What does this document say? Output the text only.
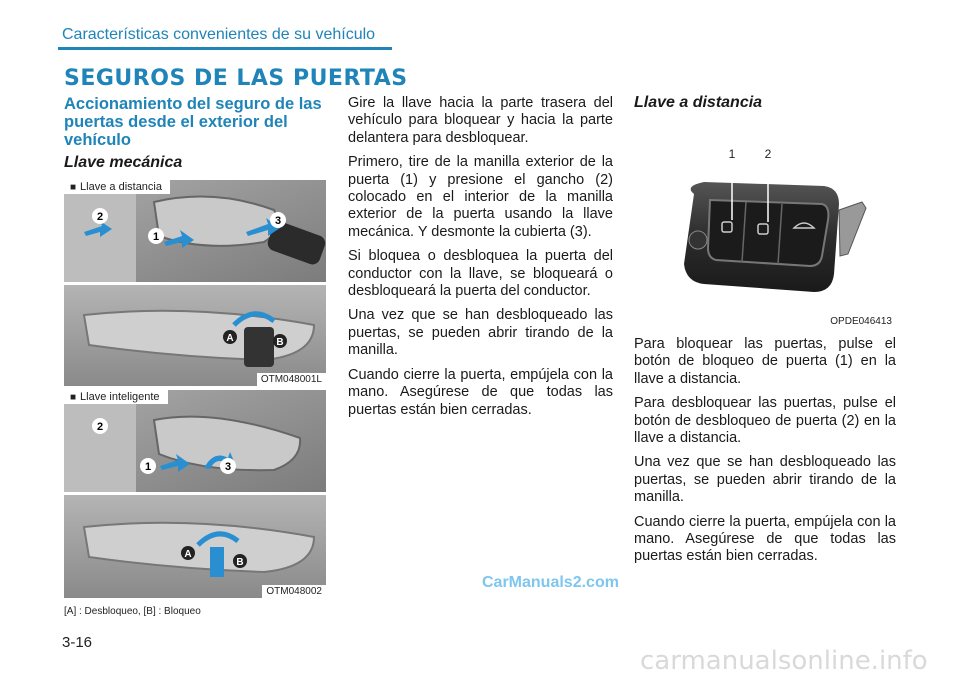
Características convenientes de su vehículo
SEGUROS DE LAS PUERTAS
Accionamiento del seguro de las puertas desde el exterior del vehículo
Llave mecánica
2
1
3
■ Llave a distancia
A	B
OTM048001L
2
1	3
■ Llave inteligente
A
B
OTM048002
[A] : Desbloqueo, [B] : Bloqueo

Gire la llave hacia la parte trasera del vehículo para bloquear y hacia la parte delantera para desbloquear.

Primero, tire de la manilla exterior de la puerta (1) y presione el gancho (2) colocado en el interior de la manilla exterior de la puerta usando la llave mecánica. Y desmonte la cubierta (3).

Si bloquea o desbloquea la puerta del conductor con la llave, se bloqueará o desbloqueará la puerta del conductor.

Una vez que se han desbloqueado las puertas, se pueden abrir tirando de la manilla.

Cuando cierre la puerta, empújela con la mano. Asegúrese de que todas las puertas están bien cerradas.

Llave a distancia
1 2
OPDE046413

Para bloquear las puertas, pulse el botón de bloqueo de puerta (1) en la llave a distancia.

Para desbloquear las puertas, pulse el botón de desbloqueo de puerta (2) en la llave a distancia.

Una vez que se han desbloqueado las puertas, se pueden abrir tirando de la manilla.

Cuando cierre la puerta, empújela con la mano. Asegúrese de que todas las puertas están bien cerradas.

CarManuals2.com
3-16
carmanualsonline.info
